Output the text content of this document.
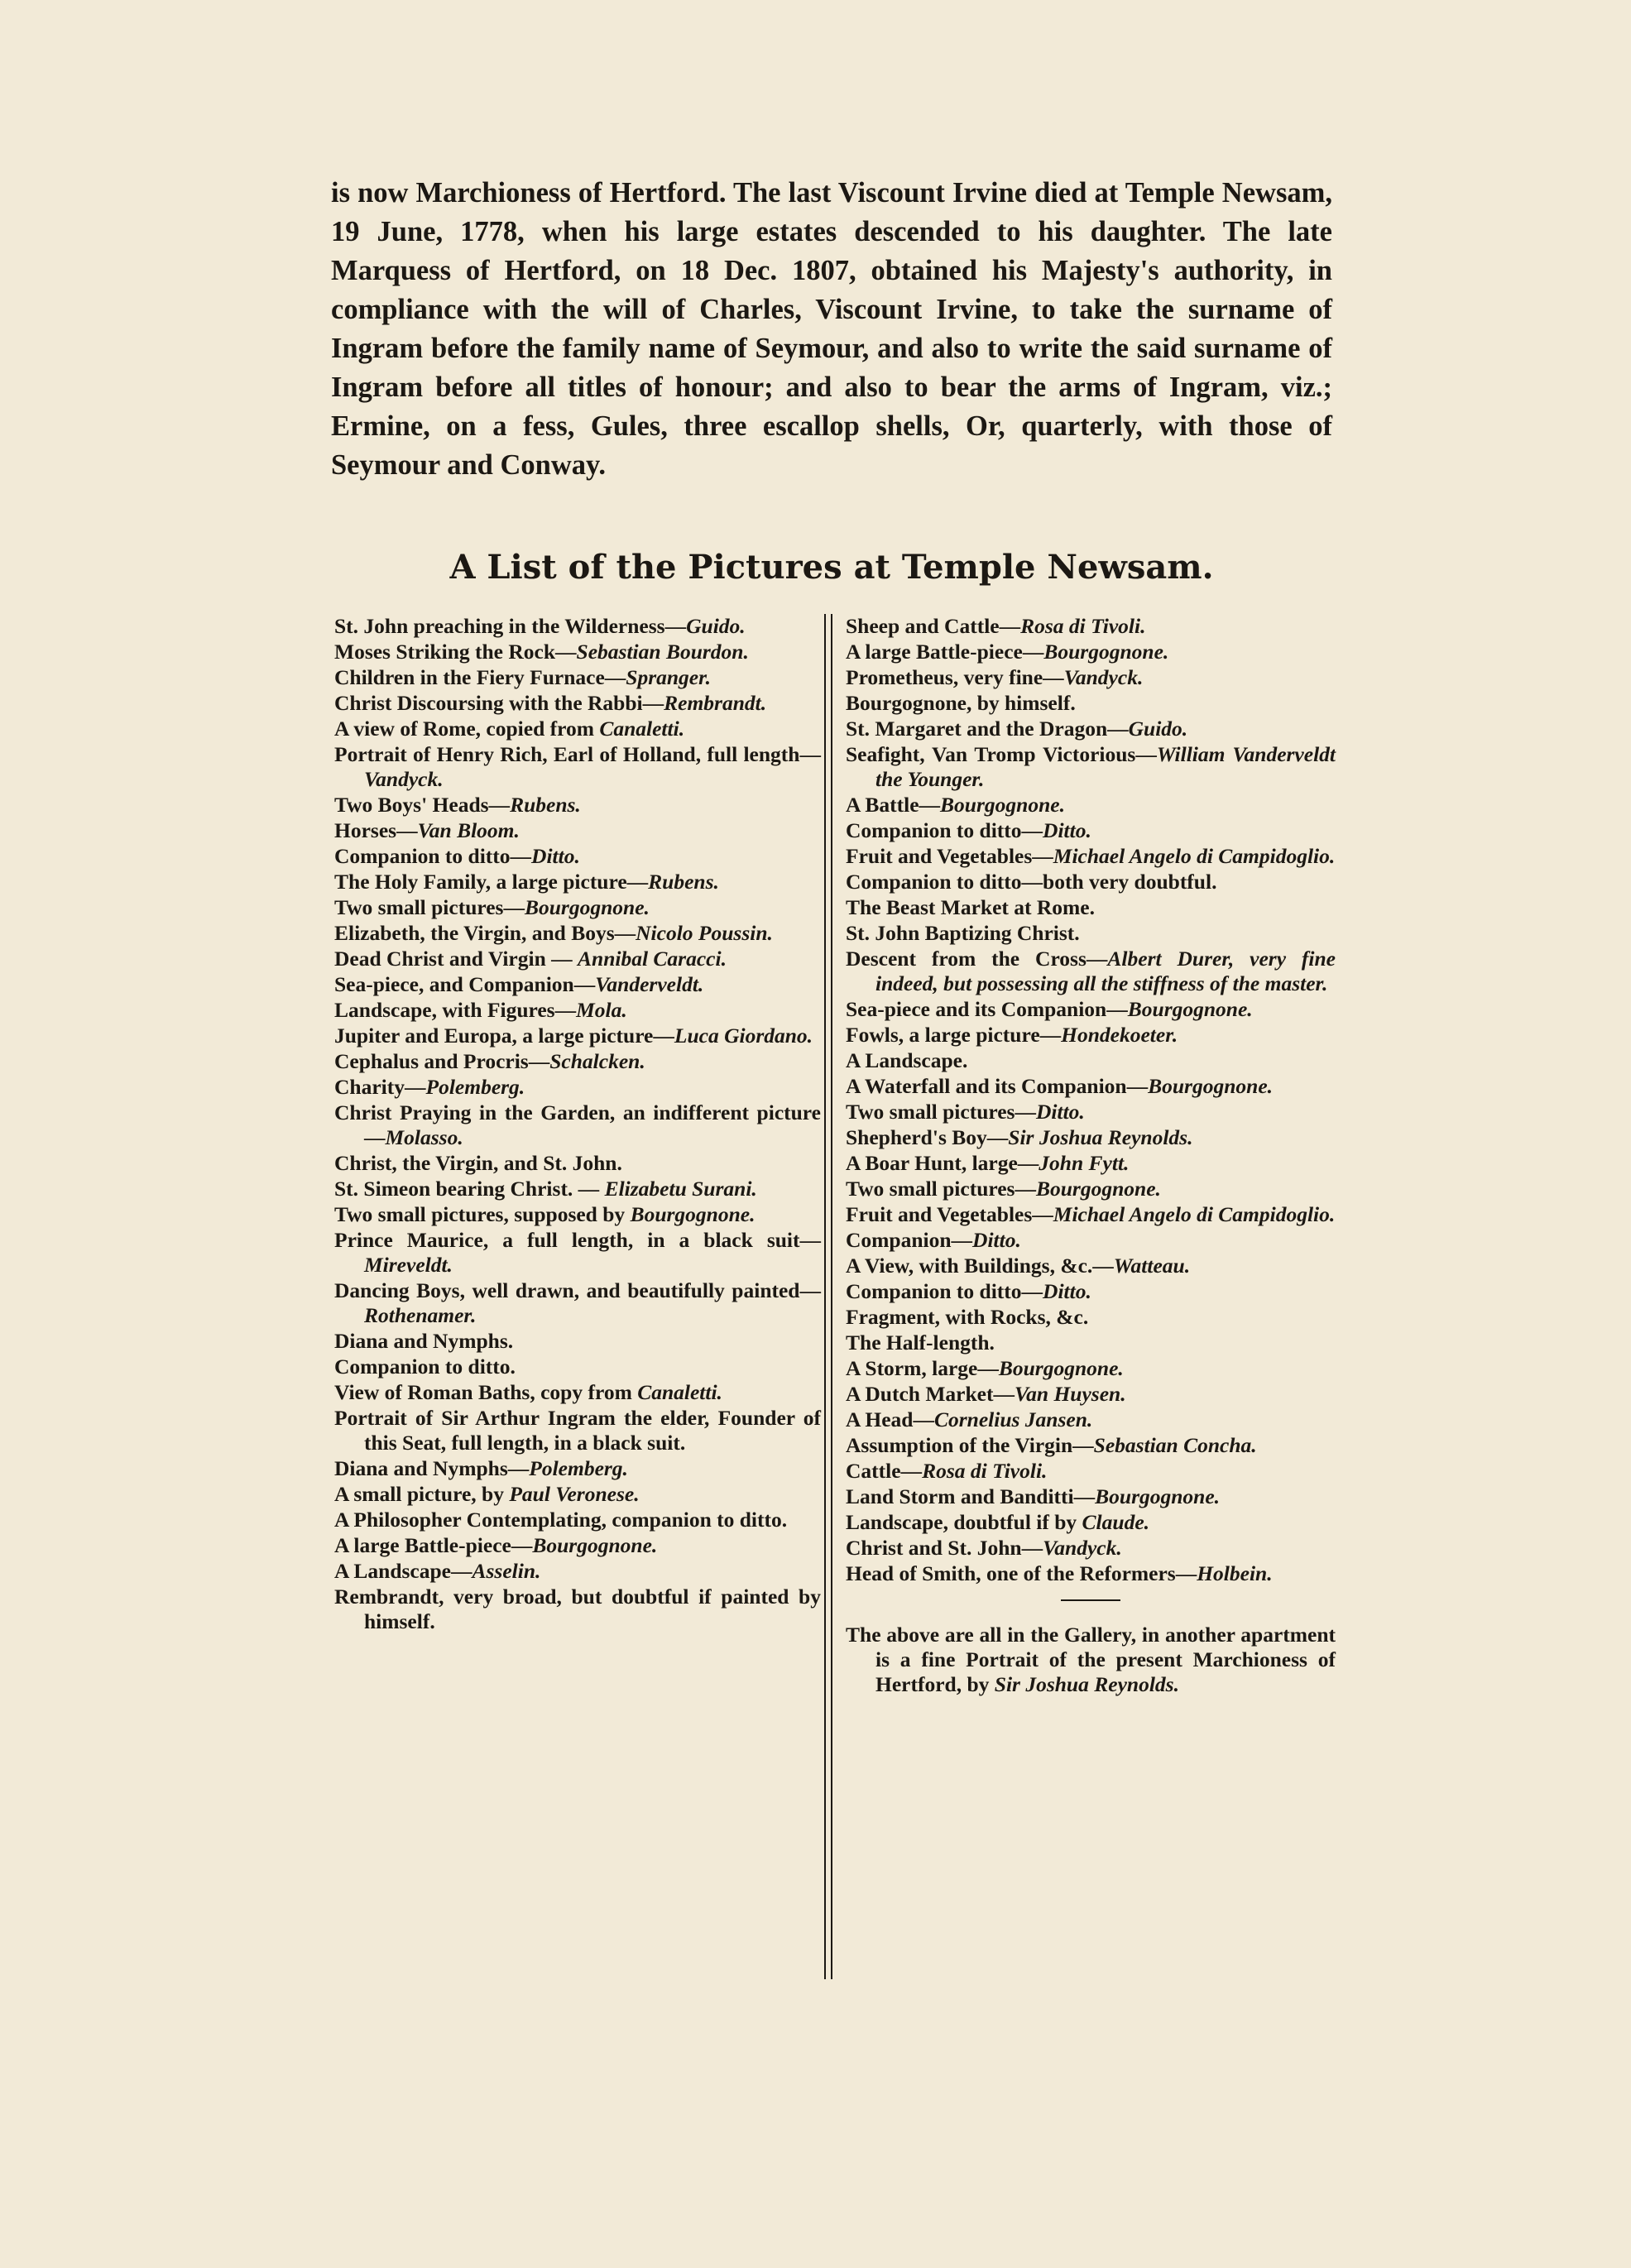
is now Marchioness of Hertford. The last Viscount Irvine died at Temple Newsam, 19 June, 1778, when his large estates descended to his daughter. The late Marquess of Hertford, on 18 Dec. 1807, obtained his Majesty's authority, in compliance with the will of Charles, Viscount Irvine, to take the surname of Ingram before the family name of Seymour, and also to write the said surname of Ingram before all titles of honour; and also to bear the arms of Ingram, viz.; Ermine, on a fess, Gules, three escallop shells, Or, quarterly, with those of Seymour and Conway.

A List of the Pictures at Temple Newsam.

St. John preaching in the Wilderness—Guido.

Moses Striking the Rock—Sebastian Bourdon.

Children in the Fiery Furnace—Spranger.

Christ Discoursing with the Rabbi—Rembrandt.

A view of Rome, copied from Canaletti.

Portrait of Henry Rich, Earl of Holland, full length—Vandyck.

Two Boys' Heads—Rubens.

Horses—Van Bloom.

Companion to ditto—Ditto.

The Holy Family, a large picture—Rubens.

Two small pictures—Bourgognone.

Elizabeth, the Virgin, and Boys—Nicolo Poussin.

Dead Christ and Virgin — Annibal Caracci.

Sea-piece, and Companion—Vanderveldt.

Landscape, with Figures—Mola.

Jupiter and Europa, a large picture—Luca Giordano.

Cephalus and Procris—Schalcken.

Charity—Polemberg.

Christ Praying in the Garden, an indifferent picture—Molasso.

Christ, the Virgin, and St. John.

St. Simeon bearing Christ. — Elizabetu Surani.

Two small pictures, supposed by Bourgognone.

Prince Maurice, a full length, in a black suit—Mireveldt.

Dancing Boys, well drawn, and beautifully painted—Rothenamer.

Diana and Nymphs.

Companion to ditto.

View of Roman Baths, copy from Canaletti.

Portrait of Sir Arthur Ingram the elder, Founder of this Seat, full length, in a black suit.

Diana and Nymphs—Polemberg.

A small picture, by Paul Veronese.

A Philosopher Contemplating, companion to ditto.

A large Battle-piece—Bourgognone.

A Landscape—Asselin.

Rembrandt, very broad, but doubtful if painted by himself.

Sheep and Cattle—Rosa di Tivoli.

A large Battle-piece—Bourgognone.

Prometheus, very fine—Vandyck.

Bourgognone, by himself.

St. Margaret and the Dragon—Guido.

Seafight, Van Tromp Victorious—William Vanderveldt the Younger.

A Battle—Bourgognone.

Companion to ditto—Ditto.

Fruit and Vegetables—Michael Angelo di Campidoglio.

Companion to ditto—both very doubtful.

The Beast Market at Rome.

St. John Baptizing Christ.

Descent from the Cross—Albert Durer, very fine indeed, but possessing all the stiffness of the master.

Sea-piece and its Companion—Bourgognone.

Fowls, a large picture—Hondekoeter.

A Landscape.

A Waterfall and its Companion—Bourgognone.

Two small pictures—Ditto.

Shepherd's Boy—Sir Joshua Reynolds.

A Boar Hunt, large—John Fytt.

Two small pictures—Bourgognone.

Fruit and Vegetables—Michael Angelo di Campidoglio.

Companion—Ditto.

A View, with Buildings, &c.—Watteau.

Companion to ditto—Ditto.

Fragment, with Rocks, &c.

The Half-length.

A Storm, large—Bourgognone.

A Dutch Market—Van Huysen.

A Head—Cornelius Jansen.

Assumption of the Virgin—Sebastian Concha.

Cattle—Rosa di Tivoli.

Land Storm and Banditti—Bourgognone.

Landscape, doubtful if by Claude.

Christ and St. John—Vandyck.

Head of Smith, one of the Reformers—Holbein.

The above are all in the Gallery, in another apartment is a fine Portrait of the present Marchioness of Hertford, by Sir Joshua Reynolds.
